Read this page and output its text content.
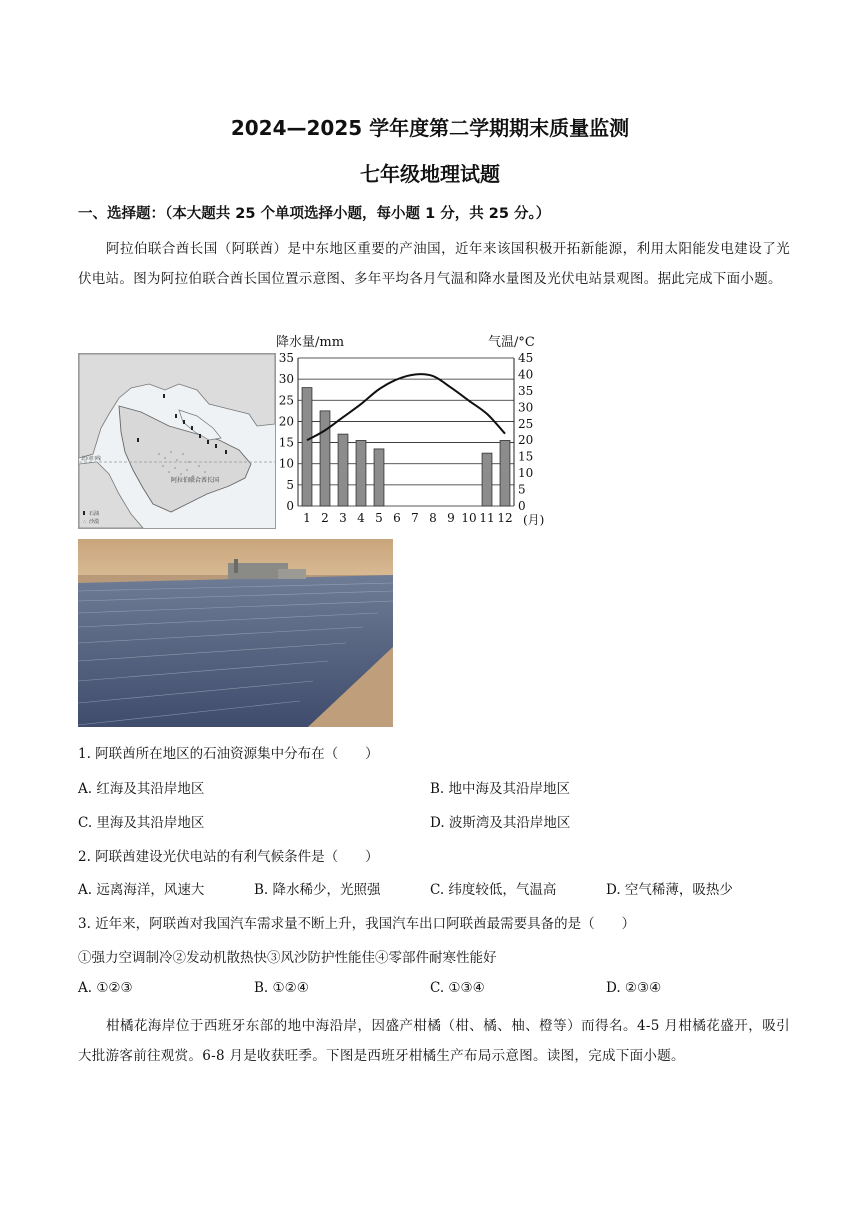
2024—2025 学年度第二学期期末质量监测
七年级地理试题
一、选择题：（本大题共 25 个单项选择小题，每小题 1 分，共 25 分。）
阿拉伯联合酋长国（阿联酋）是中东地区重要的产油国，近年来该国积极开拓新能源，利用太阳能发电建设了光伏电站。图为阿拉伯联合酋长国位置示意图、多年平均各月气温和降水量图及光伏电站景观图。据此完成下面小题。
北回归线
阿拉伯联合酋长国
石油
∴ 沙漠
0
5
10
15
20
25
30
35
0
5
10
15
20
25
30
35
40
45
1 2 3 4 5 6 7 8 9 10 11 12
降水量/mm	气温/°C
(月)
1. 阿联酋所在地区的石油资源集中分布在（　　）
A. 红海及其沿岸地区	B. 地中海及其沿岸地区
C. 里海及其沿岸地区	D. 波斯湾及其沿岸地区
2. 阿联酋建设光伏电站的有利气候条件是（　　）
A. 远离海洋，风速大	B. 降水稀少，光照强	C. 纬度较低，气温高	D. 空气稀薄，吸热少
3. 近年来，阿联酋对我国汽车需求量不断上升，我国汽车出口阿联酋最需要具备的是（　　）
①强力空调制冷②发动机散热快③风沙防护性能佳④零部件耐寒性能好
A. ①②③	B. ①②④	C. ①③④	D. ②③④
柑橘花海岸位于西班牙东部的地中海沿岸，因盛产柑橘（柑、橘、柚、橙等）而得名。4-5 月柑橘花盛开，吸引大批游客前往观赏。6-8 月是收获旺季。下图是西班牙柑橘生产布局示意图。读图，完成下面小题。
